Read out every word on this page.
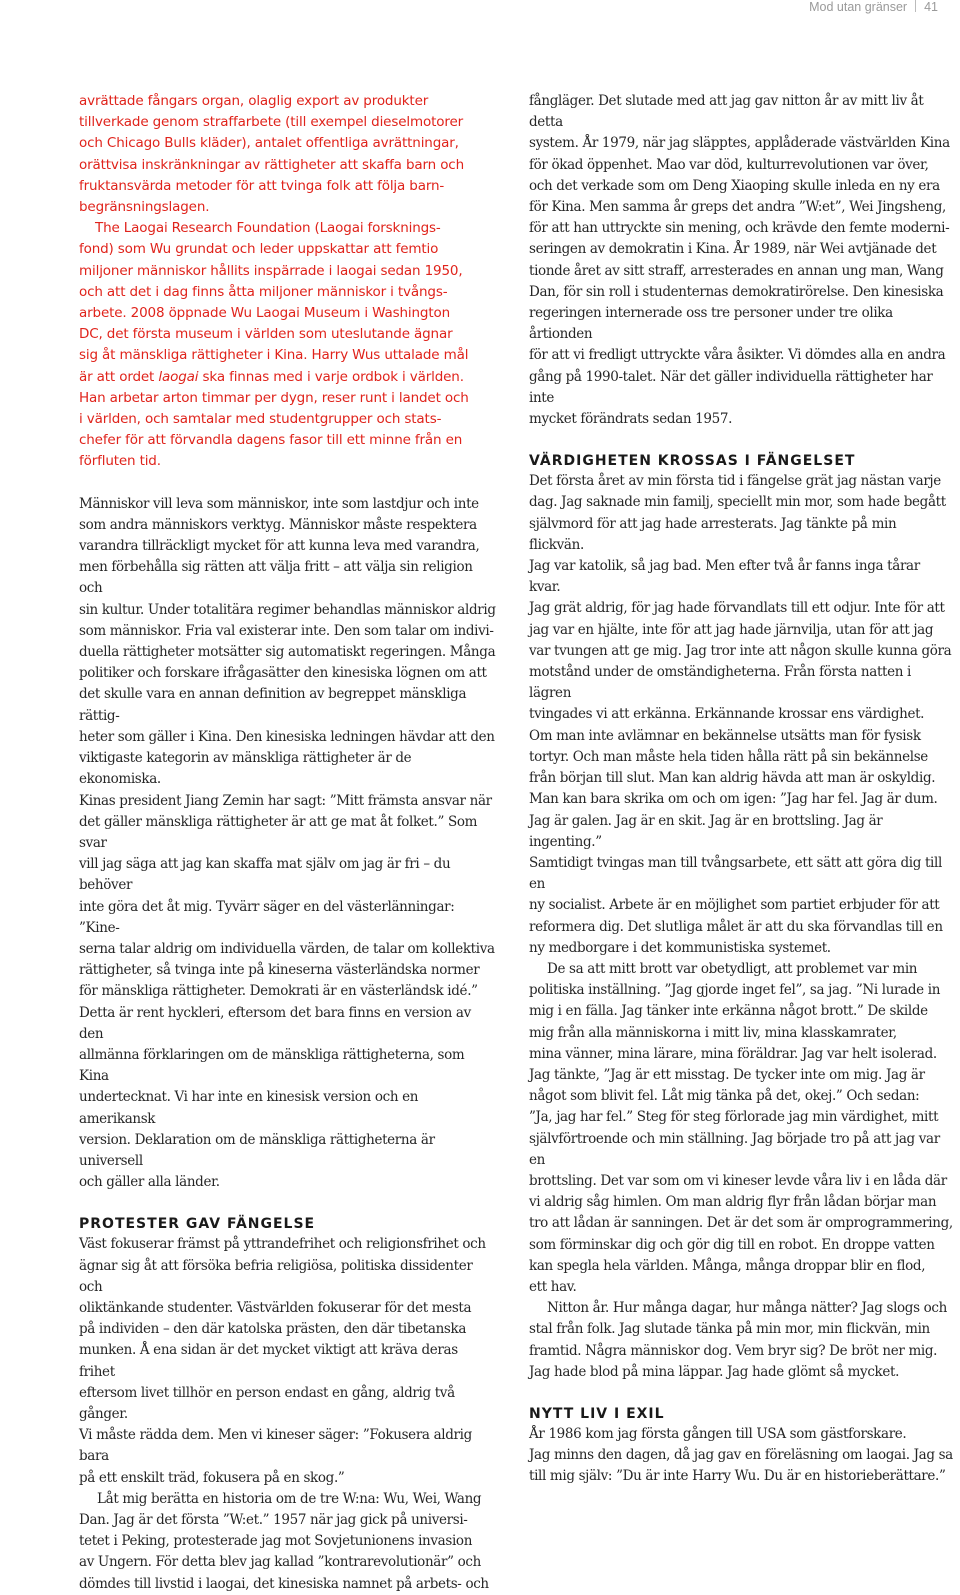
Mod utan gränser 41
avrättade fångars organ, olaglig export av produkter
tillverkade genom straffarbete (till exempel dieselmotorer
och Chicago Bulls kläder), antalet offentliga avrättningar,
orättvisa inskränkningar av rättigheter att skaffa barn och
fruktansvärda metoder för att tvinga folk att följa barn-
begränsningslagen.
The Laogai Research Foundation (Laogai forsknings-
fond) som Wu grundat och leder uppskattar att femtio
miljoner människor hållits inspärrade i laogai sedan 1950,
och att det i dag finns åtta miljoner människor i tvångs-
arbete. 2008 öppnade Wu Laogai Museum i Washington
DC, det första museum i världen som uteslutande ägnar
sig åt mänskliga rättigheter i Kina. Harry Wus uttalade mål
är att ordet laogai ska finnas med i varje ordbok i världen.
Han arbetar arton timmar per dygn, reser runt i landet och
i världen, och samtalar med studentgrupper och stats-
chefer för att förvandla dagens fasor till ett minne från en
förfluten tid.
Människor vill leva som människor, inte som lastdjur och inte
som andra människors verktyg. Människor måste respektera
varandra tillräckligt mycket för att kunna leva med varandra,
men förbehålla sig rätten att välja fritt – att välja sin religion och
sin kultur. Under totalitära regimer behandlas människor aldrig
som människor. Fria val existerar inte. Den som talar om indivi-
duella rättigheter motsätter sig automatiskt regeringen. Många
politiker och forskare ifrågasätter den kinesiska lögnen om att
det skulle vara en annan definition av begreppet mänskliga rättig-
heter som gäller i Kina. Den kinesiska ledningen hävdar att den
viktigaste kategorin av mänskliga rättigheter är de ekonomiska.
Kinas president Jiang Zemin har sagt: ”Mitt främsta ansvar när
det gäller mänskliga rättigheter är att ge mat åt folket.” Som svar
vill jag säga att jag kan skaffa mat själv om jag är fri – du behöver
inte göra det åt mig. Tyvärr säger en del västerlänningar: ”Kine-
serna talar aldrig om individuella värden, de talar om kollektiva
rättigheter, så tvinga inte på kineserna västerländska normer
för mänskliga rättigheter. Demokrati är en västerländsk idé.”
Detta är rent hyckleri, eftersom det bara finns en version av den
allmänna förklaringen om de mänskliga rättigheterna, som Kina
undertecknat. Vi har inte en kinesisk version och en amerikansk
version. Deklaration om de mänskliga rättigheterna är universell
och gäller alla länder.
PROTESTER GAV FÄNGELSE
Väst fokuserar främst på yttrandefrihet och religionsfrihet och
ägnar sig åt att försöka befria religiösa, politiska dissidenter och
oliktänkande studenter. Västvärlden fokuserar för det mesta
på individen – den där katolska prästen, den där tibetanska
munken. Å ena sidan är det mycket viktigt att kräva deras frihet
eftersom livet tillhör en person endast en gång, aldrig två gånger.
Vi måste rädda dem. Men vi kineser säger: ”Fokusera aldrig bara
på ett enskilt träd, fokusera på en skog.”
Låt mig berätta en historia om de tre W:na: Wu, Wei, Wang
Dan. Jag är det första ”W:et.” 1957 när jag gick på universi-
tetet i Peking, protesterade jag mot Sovjetunionens invasion
av Ungern. För detta blev jag kallad ”kontrarevolutionär” och
dömdes till livstid i laogai, det kinesiska namnet på arbets- och
fångläger. Det slutade med att jag gav nitton år av mitt liv åt detta
system. År 1979, när jag släpptes, applåderade västvärlden Kina
för ökad öppenhet. Mao var död, kulturrevolutionen var över,
och det verkade som om Deng Xiaoping skulle inleda en ny era
för Kina. Men samma år greps det andra ”W:et”, Wei Jingsheng,
för att han uttryckte sin mening, och krävde den femte moderni-
seringen av demokratin i Kina. År 1989, när Wei avtjänade det
tionde året av sitt straff, arresterades en annan ung man, Wang
Dan, för sin roll i studenternas demokratirörelse. Den kinesiska
regeringen internerade oss tre personer under tre olika årtionden
för att vi fredligt uttryckte våra åsikter. Vi dömdes alla en andra
gång på 1990-talet. När det gäller individuella rättigheter har inte
mycket förändrats sedan 1957.
VÄRDIGHETEN KROSSAS I FÄNGELSET
Det första året av min första tid i fängelse grät jag nästan varje
dag. Jag saknade min familj, speciellt min mor, som hade begått
självmord för att jag hade arresterats. Jag tänkte på min flickvän.
Jag var katolik, så jag bad. Men efter två år fanns inga tårar kvar.
Jag grät aldrig, för jag hade förvandlats till ett odjur. Inte för att
jag var en hjälte, inte för att jag hade järnvilja, utan för att jag
var tvungen att ge mig. Jag tror inte att någon skulle kunna göra
motstånd under de omständigheterna. Från första natten i lägren
tvingades vi att erkänna. Erkännande krossar ens värdighet.
Om man inte avlämnar en bekännelse utsätts man för fysisk
tortyr. Och man måste hela tiden hålla rätt på sin bekännelse
från början till slut. Man kan aldrig hävda att man är oskyldig.
Man kan bara skrika om och om igen: ”Jag har fel. Jag är dum.
Jag är galen. Jag är en skit. Jag är en brottsling. Jag är ingenting.”
Samtidigt tvingas man till tvångsarbete, ett sätt att göra dig till en
ny socialist. Arbete är en möjlighet som partiet erbjuder för att
reformera dig. Det slutliga målet är att du ska förvandlas till en
ny medborgare i det kommunistiska systemet.
De sa att mitt brott var obetydligt, att problemet var min
politiska inställning. ”Jag gjorde inget fel”, sa jag. ”Ni lurade in
mig i en fälla. Jag tänker inte erkänna något brott.” De skilde
mig från alla människorna i mitt liv, mina klasskamrater,
mina vänner, mina lärare, mina föräldrar. Jag var helt isolerad.
Jag tänkte, ”Jag är ett misstag. De tycker inte om mig. Jag är
något som blivit fel. Låt mig tänka på det, okej.” Och sedan:
”Ja, jag har fel.” Steg för steg förlorade jag min värdighet, mitt
självförtroende och min ställning. Jag började tro på att jag var en
brottsling. Det var som om vi kineser levde våra liv i en låda där
vi aldrig såg himlen. Om man aldrig flyr från lådan börjar man
tro att lådan är sanningen. Det är det som är omprogrammering,
som förminskar dig och gör dig till en robot. En droppe vatten
kan spegla hela världen. Många, många droppar blir en flod,
ett hav.
Nitton år. Hur många dagar, hur många nätter? Jag slogs och
stal från folk. Jag slutade tänka på min mor, min flickvän, min
framtid. Några människor dog. Vem bryr sig? De bröt ner mig.
Jag hade blod på mina läppar. Jag hade glömt så mycket.
NYTT LIV I EXIL
År 1986 kom jag första gången till USA som gästforskare.
Jag minns den dagen, då jag gav en föreläsning om laogai. Jag sa
till mig själv: ”Du är inte Harry Wu. Du är en historieberättare.”
